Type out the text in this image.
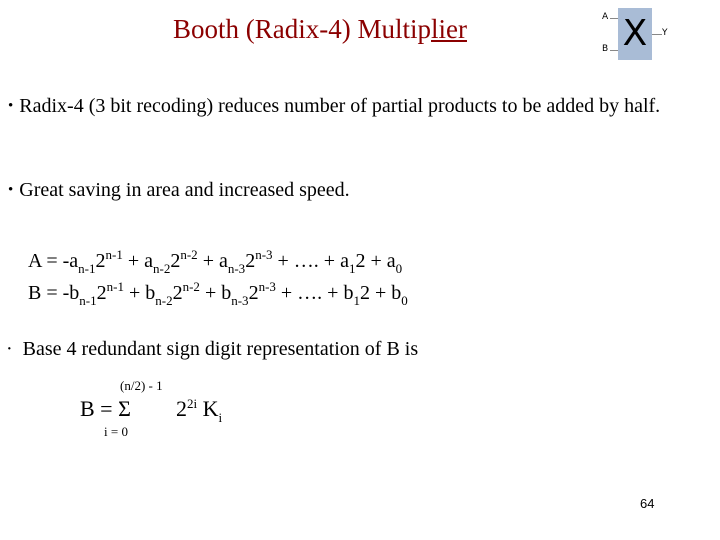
Booth (Radix-4) Multiplier	X
A
B
Y
• Radix-4 (3 bit recoding) reduces number of partial products to be added by half.
• Great saving in area and increased speed.
$A = -a_{n-1}2^{n-1} + a_{n-2}2^{n-2} + a_{n-3}2^{n-3}$ + …. + $a_12 + a_0$
$B = -b_{n-1}2^{n-1} + b_{n-2}2^{n-2} + b_{n-3}2^{n-3}$ + …. + $b_12 + b_0$
· Base 4 redundant sign digit representation of B is
(n/2) - 1
B = Σ
i = 0
$2^{2i}$ $K_i$
64
